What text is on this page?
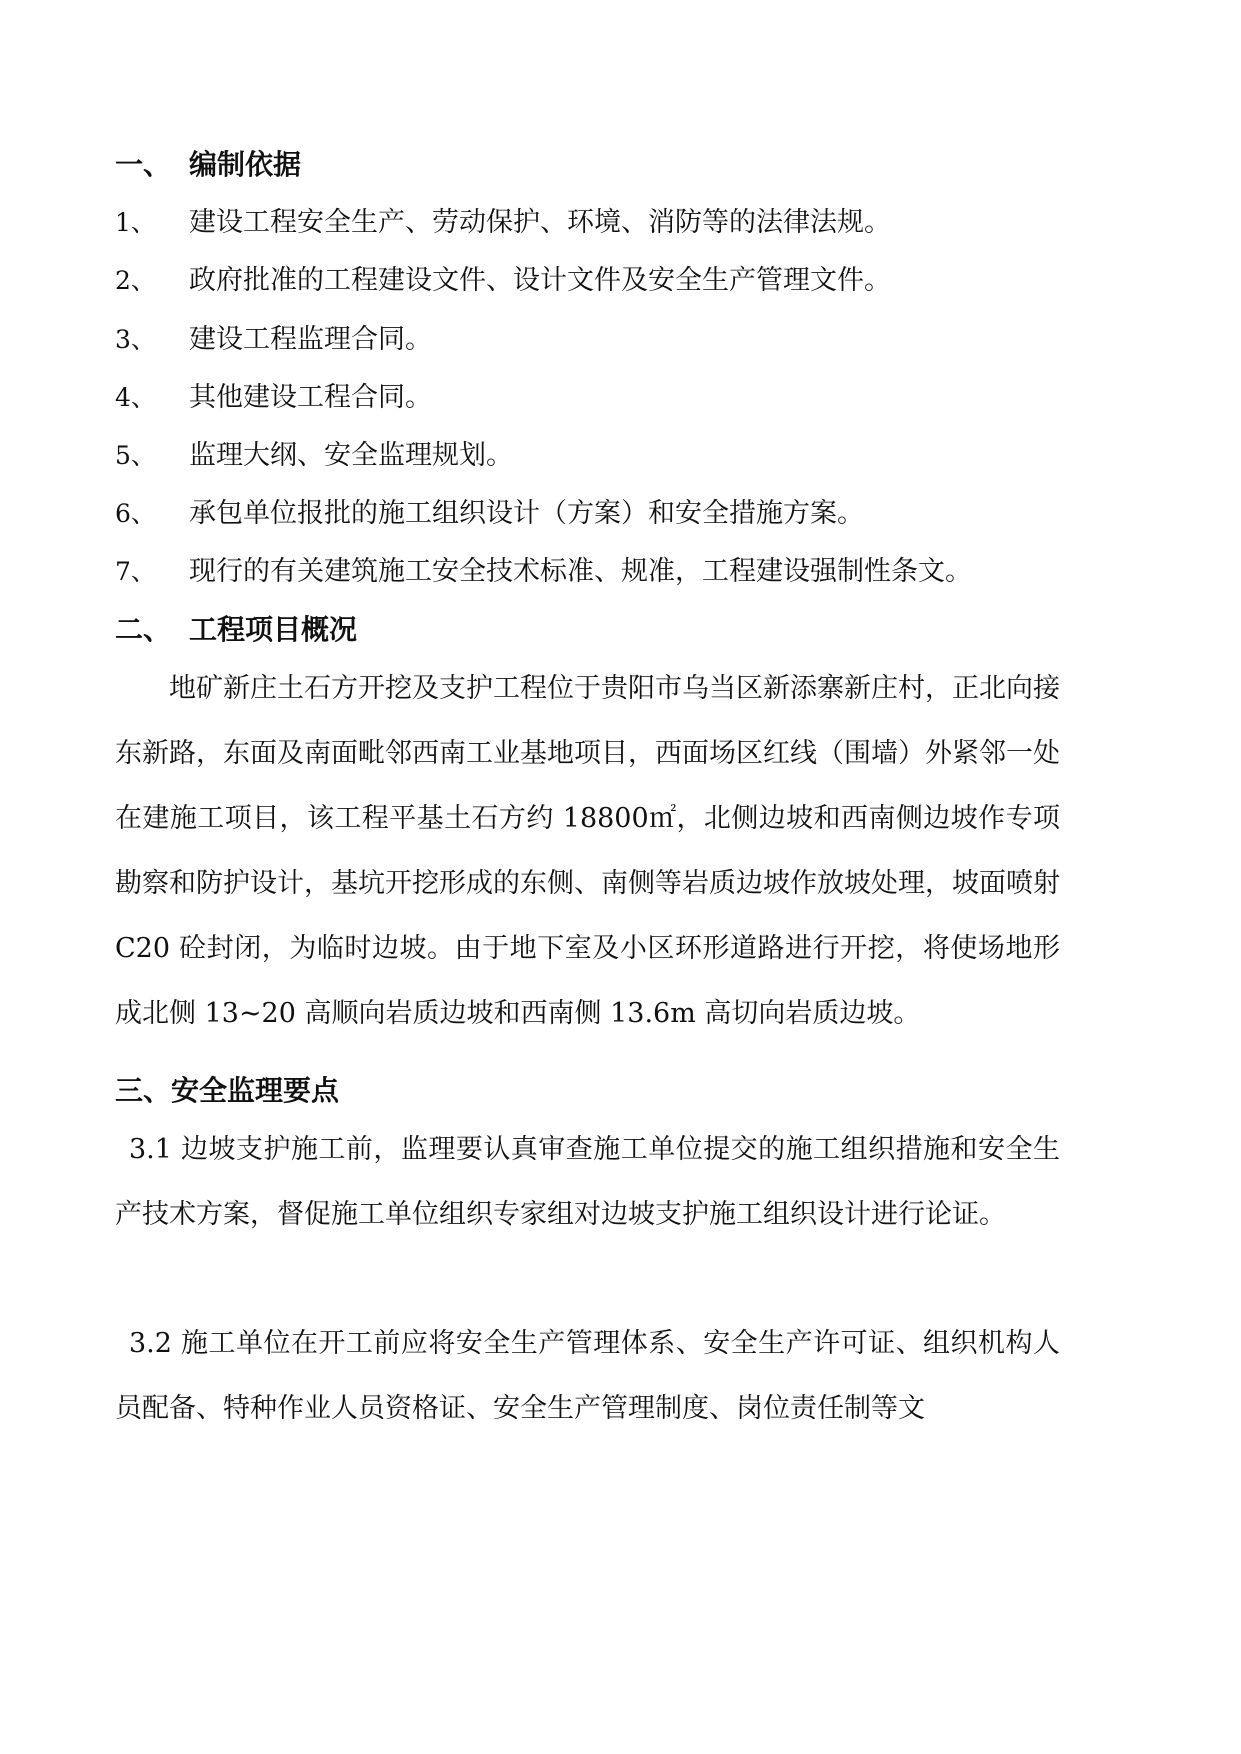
一、 编制依据
1、 建设工程安全生产、劳动保护、环境、消防等的法律法规。
2、 政府批准的工程建设文件、设计文件及安全生产管理文件。
3、 建设工程监理合同。
4、 其他建设工程合同。
5、 监理大纲、安全监理规划。
6、 承包单位报批的施工组织设计（方案）和安全措施方案。
7、 现行的有关建筑施工安全技术标准、规准，工程建设强制性条文。
二、 工程项目概况
地矿新庄土石方开挖及支护工程位于贵阳市乌当区新添寨新庄村，正北向接东新路，东面及南面毗邻西南工业基地项目，西面场区红线（围墙）外紧邻一处在建施工项目，该工程平基土石方约 18800㎡，北侧边坡和西南侧边坡作专项勘察和防护设计，基坑开挖形成的东侧、南侧等岩质边坡作放坡处理，坡面喷射 C20 砼封闭，为临时边坡。由于地下室及小区环形道路进行开挖，将使场地形成北侧 13~20 高顺向岩质边坡和西南侧 13.6m 高切向岩质边坡。
三、安全监理要点
3.1 边坡支护施工前，监理要认真审查施工单位提交的施工组织措施和安全生产技术方案，督促施工单位组织专家组对边坡支护施工组织设计进行论证。
3.2 施工单位在开工前应将安全生产管理体系、安全生产许可证、组织机构人员配备、特种作业人员资格证、安全生产管理制度、岗位责任制等文
